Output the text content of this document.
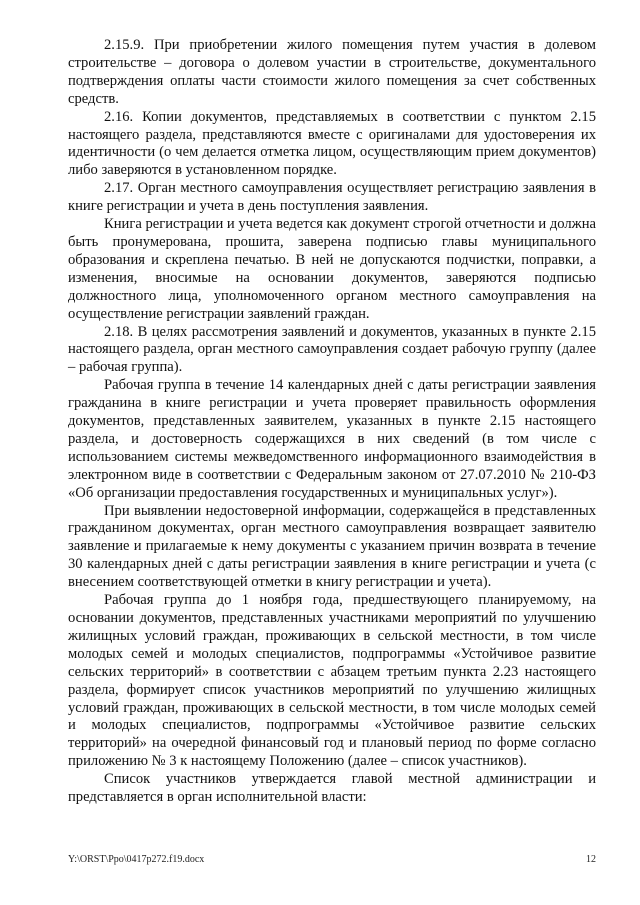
2.15.9. При приобретении жилого помещения путем участия в долевом строительстве – договора о долевом участии в строительстве, документального подтверждения оплаты части стоимости жилого помещения за счет собственных средств.

2.16. Копии документов, представляемых в соответствии с пунктом 2.15 настоящего раздела, представляются вместе с оригиналами для удостоверения их идентичности (о чем делается отметка лицом, осуществляющим прием документов) либо заверяются в установленном порядке.

2.17. Орган местного самоуправления осуществляет регистрацию заявления в книге регистрации и учета в день поступления заявления.

Книга регистрации и учета ведется как документ строгой отчетности и должна быть пронумерована, прошита, заверена подписью главы муниципального образования и скреплена печатью. В ней не допускаются подчистки, поправки, а изменения, вносимые на основании документов, заверяются подписью должностного лица, уполномоченного органом местного самоуправления на осуществление регистрации заявлений граждан.

2.18. В целях рассмотрения заявлений и документов, указанных в пункте 2.15 настоящего раздела, орган местного самоуправления создает рабочую группу (далее – рабочая группа).

Рабочая группа в течение 14 календарных дней с даты регистрации заявления гражданина в книге регистрации и учета проверяет правильность оформления документов, представленных заявителем, указанных в пункте 2.15 настоящего раздела, и достоверность содержащихся в них сведений (в том числе с использованием системы межведомственного информационного взаимодействия в электронном виде в соответствии с Федеральным законом от 27.07.2010 № 210-ФЗ «Об организации предоставления государственных и муниципальных услуг»).

При выявлении недостоверной информации, содержащейся в представленных гражданином документах, орган местного самоуправления возвращает заявителю заявление и прилагаемые к нему документы с указанием причин возврата в течение 30 календарных дней с даты регистрации заявления в книге регистрации и учета (с внесением соответствующей отметки в книгу регистрации и учета).

Рабочая группа до 1 ноября года, предшествующего планируемому, на основании документов, представленных участниками мероприятий по улучшению жилищных условий граждан, проживающих в сельской местности, в том числе молодых семей и молодых специалистов, подпрограммы «Устойчивое развитие сельских территорий» в соответствии с абзацем третьим пункта 2.23 настоящего раздела, формирует список участников мероприятий по улучшению жилищных условий граждан, проживающих в сельской местности, в том числе молодых семей и молодых специалистов, подпрограммы «Устойчивое развитие сельских территорий» на очередной финансовый год и плановый период по форме согласно приложению № 3 к настоящему Положению (далее – список участников).

Список участников утверждается главой местной администрации и представляется в орган исполнительной власти:

Y:\ORST\Ppo\0417p272.f19.docx	12
